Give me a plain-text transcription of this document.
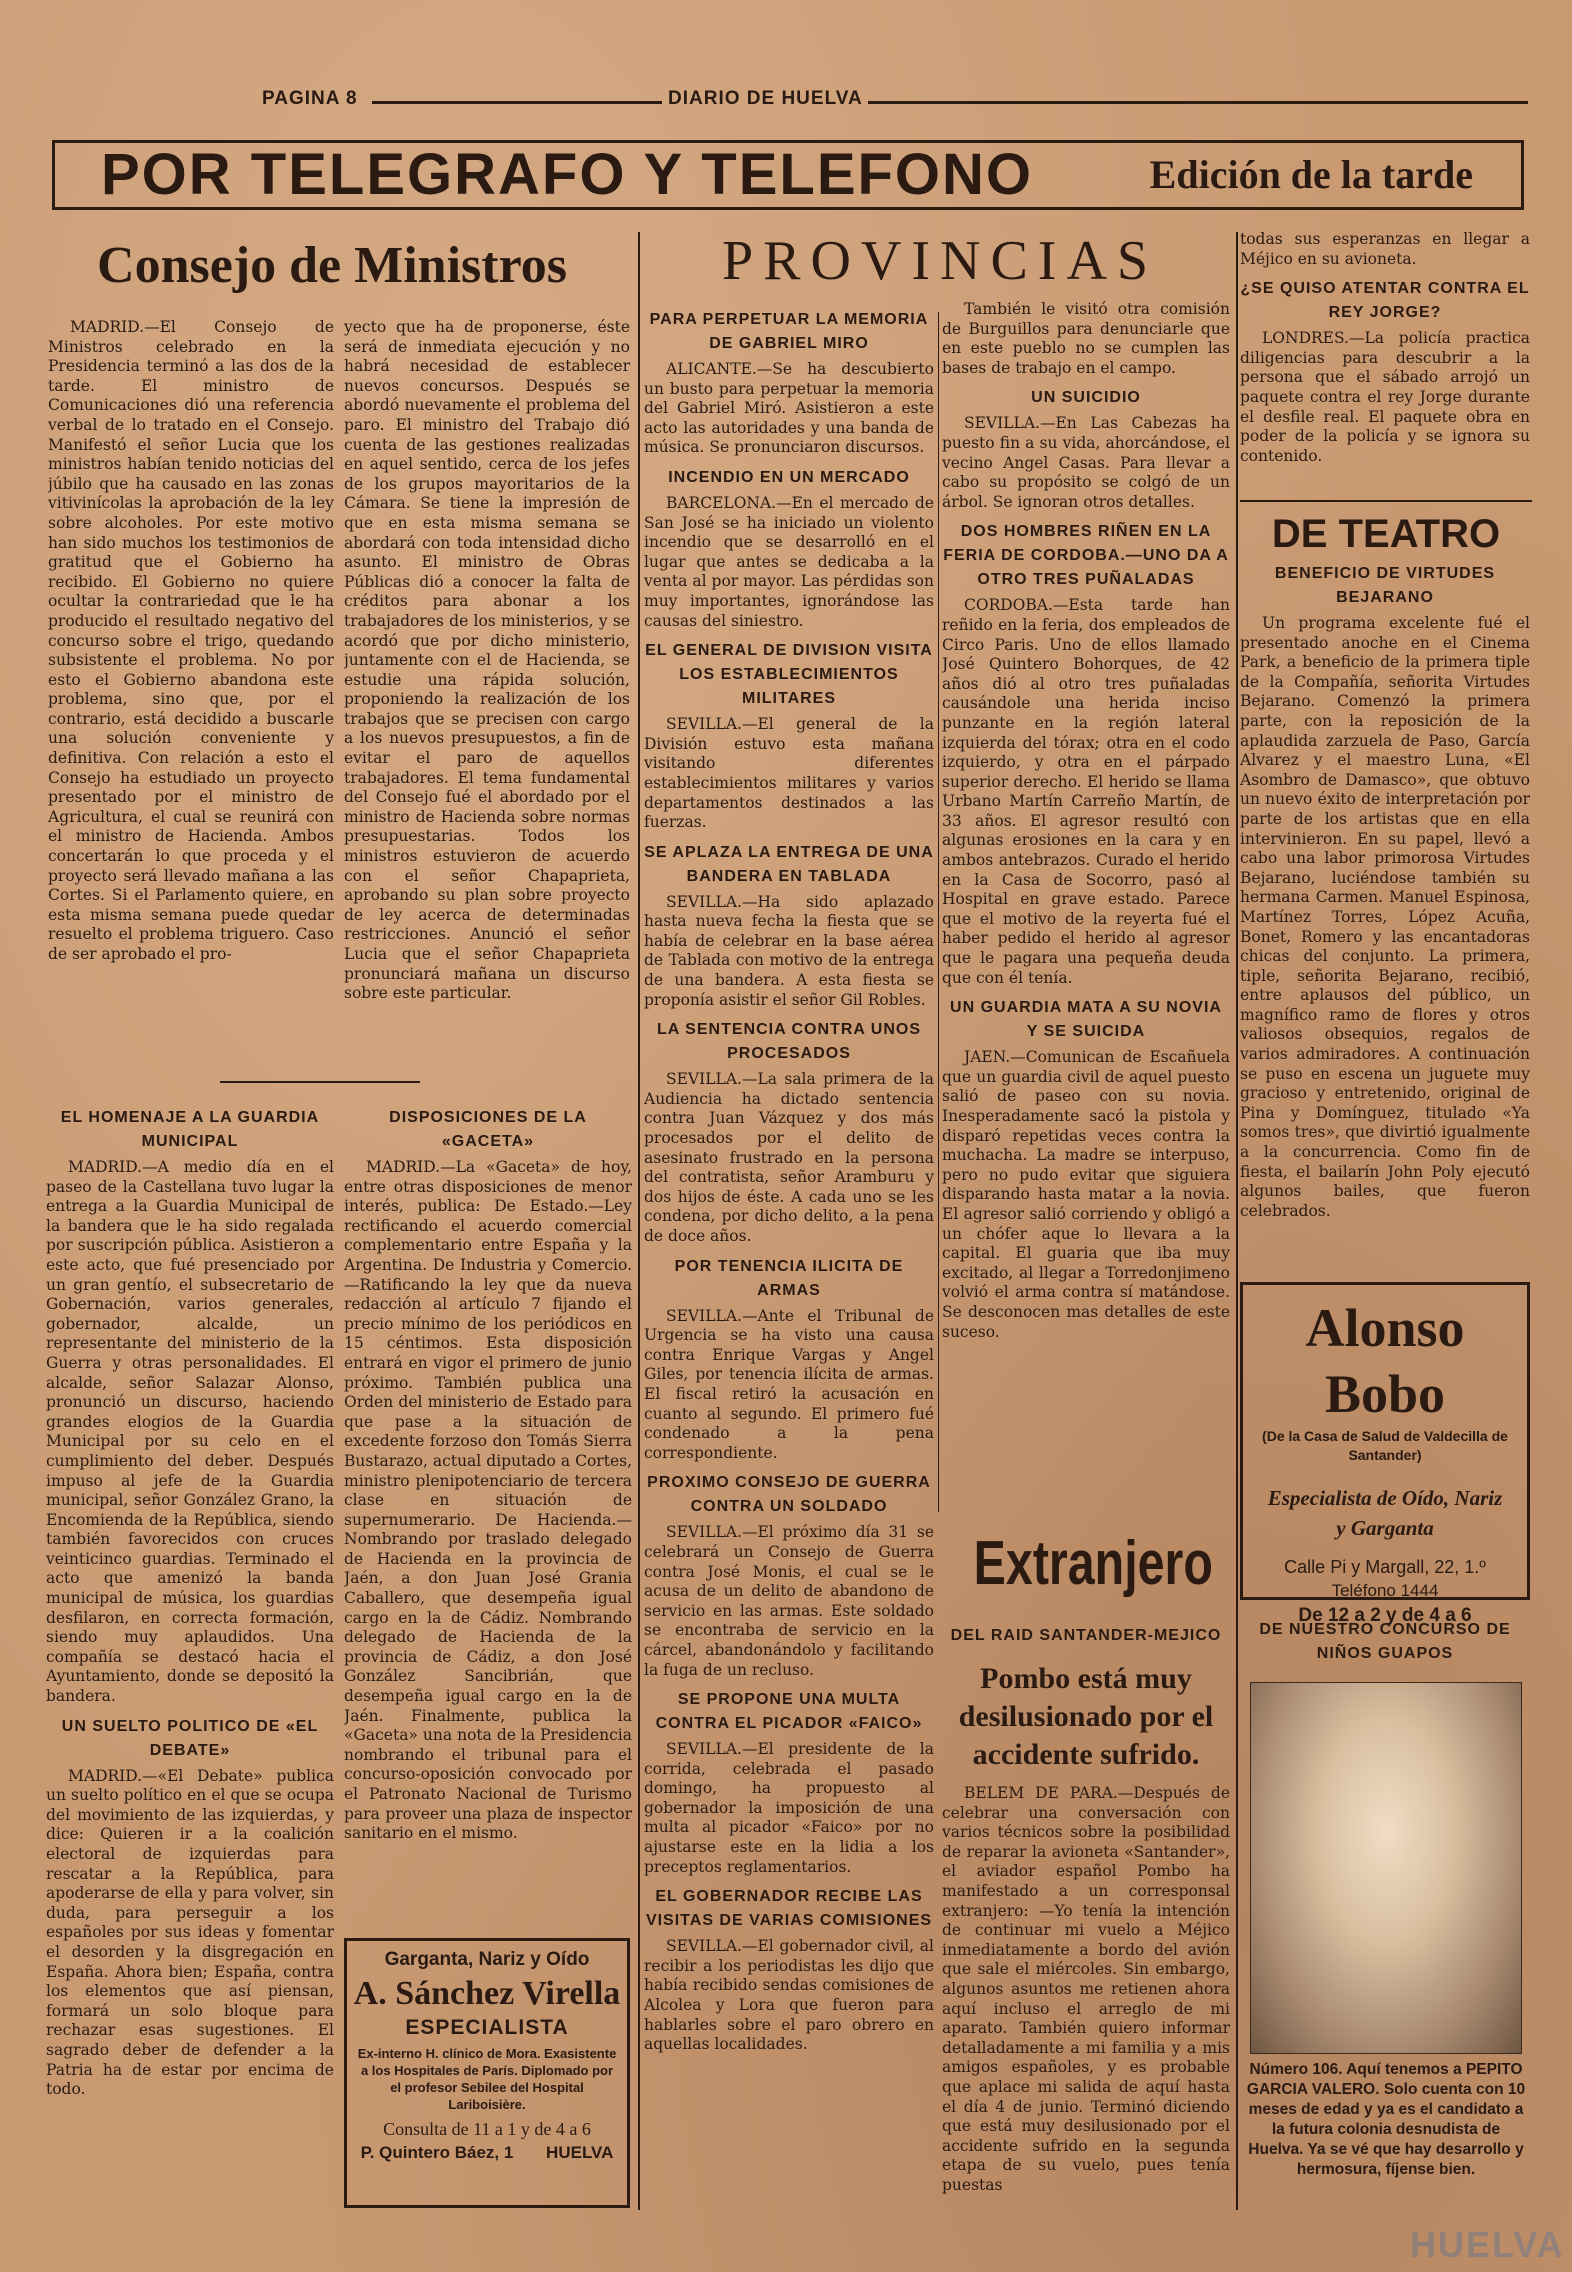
PAGINA 8	DIARIO DE HUELVA
POR TELEGRAFO Y TELEFONO	Edición de la tarde
Consejo de Ministros

MADRID.—El Consejo de Ministros celebrado en la Presidencia terminó a las dos de la tarde. El ministro de Comunicaciones dió una referencia verbal de lo tratado en el Consejo. Manifestó el señor Lucia que los ministros habían tenido noticias del júbilo que ha causado en las zonas vitivinícolas la aprobación de la ley sobre alcoholes. Por este motivo han sido muchos los testimonios de gratitud que el Gobierno ha recibido. El Gobierno no quiere ocultar la contrariedad que le ha producido el resultado negativo del concurso sobre el trigo, quedando subsistente el problema. No por esto el Gobierno abandona este problema, sino que, por el contrario, está decidido a buscarle una solución conveniente y definitiva. Con relación a esto el Consejo ha estudiado un proyecto presentado por el ministro de Agricultura, el cual se reunirá con el ministro de Hacienda. Ambos concertarán lo que proceda y el proyecto será llevado mañana a las Cortes. Si el Parlamento quiere, en esta misma semana puede quedar resuelto el problema triguero. Caso de ser aprobado el pro-

yecto que ha de proponerse, éste será de inmediata ejecución y no habrá necesidad de establecer nuevos concursos. Después se abordó nuevamente el problema del paro. El ministro del Trabajo dió cuenta de las gestiones realizadas en aquel sentido, cerca de los jefes de los grupos mayoritarios de la Cámara. Se tiene la impresión de que en esta misma semana se abordará con toda intensidad dicho asunto. El ministro de Obras Públicas dió a conocer la falta de créditos para abonar a los trabajadores de los ministerios, y se acordó que por dicho ministerio, juntamente con el de Hacienda, se estudie una rápida solución, proponiendo la realización de los trabajos que se precisen con cargo a los nuevos presupuestos, a fin de evitar el paro de aquellos trabajadores. El tema fundamental del Consejo fué el abordado por el ministro de Hacienda sobre normas presupuestarias. Todos los ministros estuvieron de acuerdo con el señor Chapaprieta, aprobando su plan sobre proyecto de ley acerca de determinadas restricciones. Anunció el señor Lucia que el señor Chapaprieta pronunciará mañana un discurso sobre este particular.

EL HOMENAJE A LA GUARDIA MUNICIPAL

MADRID.—A medio día en el paseo de la Castellana tuvo lugar la entrega a la Guardia Municipal de la bandera que le ha sido regalada por suscripción pública. Asistieron a este acto, que fué presenciado por un gran gentío, el subsecretario de Gobernación, varios generales, gobernador, alcalde, un representante del ministerio de la Guerra y otras personalidades. El alcalde, señor Salazar Alonso, pronunció un discurso, haciendo grandes elogios de la Guardia Municipal por su celo en el cumplimiento del deber. Después impuso al jefe de la Guardia municipal, señor González Grano, la Encomienda de la República, siendo también favorecidos con cruces veinticinco guardias. Terminado el acto que amenizó la banda municipal de música, los guardias desfilaron, en correcta formación, siendo muy aplaudidos. Una compañía se destacó hacia el Ayuntamiento, donde se depositó la bandera.

UN SUELTO POLITICO DE «EL DEBATE»

MADRID.—«El Debate» publica un suelto político en el que se ocupa del movimiento de las izquierdas, y dice: Quieren ir a la coalición electoral de izquierdas para rescatar a la República, para apoderarse de ella y para volver, sin duda, para perseguir a los españoles por sus ideas y fomentar el desorden y la disgregación en España. Ahora bien; España, contra los elementos que así piensan, formará un solo bloque para rechazar esas sugestiones. El sagrado deber de defender a la Patria ha de estar por encima de todo.

DISPOSICIONES DE LA «GACETA»

MADRID.—La «Gaceta» de hoy, entre otras disposiciones de menor interés, publica: De Estado.—Ley rectificando el acuerdo comercial complementario entre España y la Argentina. De Industria y Comercio.—Ratificando la ley que da nueva redacción al artículo 7 fijando el precio mínimo de los periódicos en 15 céntimos. Esta disposición entrará en vigor el primero de junio próximo. También publica una Orden del ministerio de Estado para que pase a la situación de excedente forzoso don Tomás Sierra Bustarazo, actual diputado a Cortes, ministro plenipotenciario de tercera clase en situación de supernumerario. De Hacienda.—Nombrando por traslado delegado de Hacienda en la provincia de Jaén, a don Juan José Grania Caballero, que desempeña igual cargo en la de Cádiz. Nombrando delegado de Hacienda de la provincia de Cádiz, a don José González Sancibrián, que desempeña igual cargo en la de Jaén. Finalmente, publica la «Gaceta» una nota de la Presidencia nombrando el tribunal para el concurso-oposición convocado por el Patronato Nacional de Turismo para proveer una plaza de inspector sanitario en el mismo.

Garganta, Nariz y Oído
A. Sánchez Virella
ESPECIALISTA
Ex-interno H. clínico de Mora. Exasistente a los Hospitales de París. Diplomado por el profesor Sebilee del Hospital Lariboisière.
Consulta de 11 a 1 y de 4 a 6
P. Quintero Báez, 1 HUELVA
PROVINCIAS
PARA PERPETUAR LA MEMORIA DE GABRIEL MIRO

ALICANTE.—Se ha descubierto un busto para perpetuar la memoria del Gabriel Miró. Asistieron a este acto las autoridades y una banda de música. Se pronunciaron discursos.

INCENDIO EN UN MERCADO

BARCELONA.—En el mercado de San José se ha iniciado un violento incendio que se desarrolló en el lugar que antes se dedicaba a la venta al por mayor. Las pérdidas son muy importantes, ignorándose las causas del siniestro.

EL GENERAL DE DIVISION VISITA LOS ESTABLECIMIENTOS MILITARES

SEVILLA.—El general de la División estuvo esta mañana visitando diferentes establecimientos militares y varios departamentos destinados a las fuerzas.

SE APLAZA LA ENTREGA DE UNA BANDERA EN TABLADA

SEVILLA.—Ha sido aplazado hasta nueva fecha la fiesta que se había de celebrar en la base aérea de Tablada con motivo de la entrega de una bandera. A esta fiesta se proponía asistir el señor Gil Robles.

LA SENTENCIA CONTRA UNOS PROCESADOS

SEVILLA.—La sala primera de la Audiencia ha dictado sentencia contra Juan Vázquez y dos más procesados por el delito de asesinato frustrado en la persona del contratista, señor Aramburu y dos hijos de éste. A cada uno se les condena, por dicho delito, a la pena de doce años.

POR TENENCIA ILICITA DE ARMAS

SEVILLA.—Ante el Tribunal de Urgencia se ha visto una causa contra Enrique Vargas y Angel Giles, por tenencia ilícita de armas. El fiscal retiró la acusación en cuanto al segundo. El primero fué condenado a la pena correspondiente.

PROXIMO CONSEJO DE GUERRA CONTRA UN SOLDADO

SEVILLA.—El próximo día 31 se celebrará un Consejo de Guerra contra José Monis, el cual se le acusa de un delito de abandono de servicio en las armas. Este soldado se encontraba de servicio en la cárcel, abandonándolo y facilitando la fuga de un recluso.

SE PROPONE UNA MULTA CONTRA EL PICADOR «FAICO»

SEVILLA.—El presidente de la corrida, celebrada el pasado domingo, ha propuesto al gobernador la imposición de una multa al picador «Faico» por no ajustarse este en la lidia a los preceptos reglamentarios.

EL GOBERNADOR RECIBE LAS VISITAS DE VARIAS COMISIONES

SEVILLA.—El gobernador civil, al recibir a los periodistas les dijo que había recibido sendas comisiones de Alcolea y Lora que fueron para hablarles sobre el paro obrero en aquellas localidades.

También le visitó otra comisión de Burguillos para denunciarle que en este pueblo no se cumplen las bases de trabajo en el campo.

UN SUICIDIO

SEVILLA.—En Las Cabezas ha puesto fin a su vida, ahorcándose, el vecino Angel Casas. Para llevar a cabo su propósito se colgó de un árbol. Se ignoran otros detalles.

DOS HOMBRES RIÑEN EN LA FERIA DE CORDOBA.—UNO DA A OTRO TRES PUÑALADAS

CORDOBA.—Esta tarde han reñido en la feria, dos empleados de Circo Paris. Uno de ellos llamado José Quintero Bohorques, de 42 años dió al otro tres puñaladas causándole una herida inciso punzante en la región lateral izquierda del tórax; otra en el codo izquierdo, y otra en el párpado superior derecho. El herido se llama Urbano Martín Carreño Martín, de 33 años. El agresor resultó con algunas erosiones en la cara y en ambos antebrazos. Curado el herido en la Casa de Socorro, pasó al Hospital en grave estado. Parece que el motivo de la reyerta fué el haber pedido el herido al agresor que le pagara una pequeña deuda que con él tenía.

UN GUARDIA MATA A SU NOVIA Y SE SUICIDA

JAEN.—Comunican de Escañuela que un guardia civil de aquel puesto salió de paseo con su novia. Inesperadamente sacó la pistola y disparó repetidas veces contra la muchacha. La madre se interpuso, pero no pudo evitar que siguiera disparando hasta matar a la novia. El agresor salió corriendo y obligó a un chófer aque lo llevara a la capital. El guaria que iba muy excitado, al llegar a Torredonjimeno volvió el arma contra sí matándose. Se desconocen mas detalles de este suceso.

Extranjero
DEL RAID SANTANDER-MEJICO
Pombo está muy desilusionado por el accidente sufrido.

BELEM DE PARA.—Después de celebrar una conversación con varios técnicos sobre la posibilidad de reparar la avioneta «Santander», el aviador español Pombo ha manifestado a un corresponsal extranjero: —Yo tenía la intención de continuar mi vuelo a Méjico inmediatamente a bordo del avión que sale el miércoles. Sin embargo, algunos asuntos me retienen ahora aquí incluso el arreglo de mi aparato. También quiero informar detalladamente a mi familia y a mis amigos españoles, y es probable que aplace mi salida de aquí hasta el día 4 de junio. Terminó diciendo que está muy desilusionado por el accidente sufrido en la segunda etapa de su vuelo, pues tenía puestas

todas sus esperanzas en llegar a Méjico en su avioneta.

¿SE QUISO ATENTAR CONTRA EL REY JORGE?

LONDRES.—La policía practica diligencias para descubrir a la persona que el sábado arrojó un paquete contra el rey Jorge durante el desfile real. El paquete obra en poder de la policía y se ignora su contenido.

DE TEATRO
BENEFICIO DE VIRTUDES BEJARANO

Un programa excelente fué el presentado anoche en el Cinema Park, a beneficio de la primera tiple de la Compañía, señorita Virtudes Bejarano. Comenzó la primera parte, con la reposición de la aplaudida zarzuela de Paso, García Alvarez y el maestro Luna, «El Asombro de Damasco», que obtuvo un nuevo éxito de interpretación por parte de los artistas que en ella intervinieron. En su papel, llevó a cabo una labor primorosa Virtudes Bejarano, luciéndose también su hermana Carmen. Manuel Espinosa, Martínez Torres, López Acuña, Bonet, Romero y las encantadoras chicas del conjunto. La primera, tiple, señorita Bejarano, recibió, entre aplausos del público, un magnífico ramo de flores y otros valiosos obsequios, regalos de varios admiradores. A continuación se puso en escena un juguete muy gracioso y entretenido, original de Pina y Domínguez, titulado «Ya somos tres», que divirtió igualmente a la concurrencia. Como fin de fiesta, el bailarín John Poly ejecutó algunos bailes, que fueron celebrados.

Alonso Bobo
(De la Casa de Salud de Valdecilla de Santander)
Especialista de Oído, Nariz y Garganta
Calle Pi y Margall, 22, 1.º
Teléfono 1444
De 12 a 2 y de 4 a 6
DE NUESTRO CONCURSO DE NIÑOS GUAPOS
Número 106. Aquí tenemos a PEPITO GARCIA VALERO. Solo cuenta con 10 meses de edad y ya es el candidato a la futura colonia desnudista de Huelva. Ya se vé que hay desarrollo y hermosura, fíjense bien.
HUELVA
